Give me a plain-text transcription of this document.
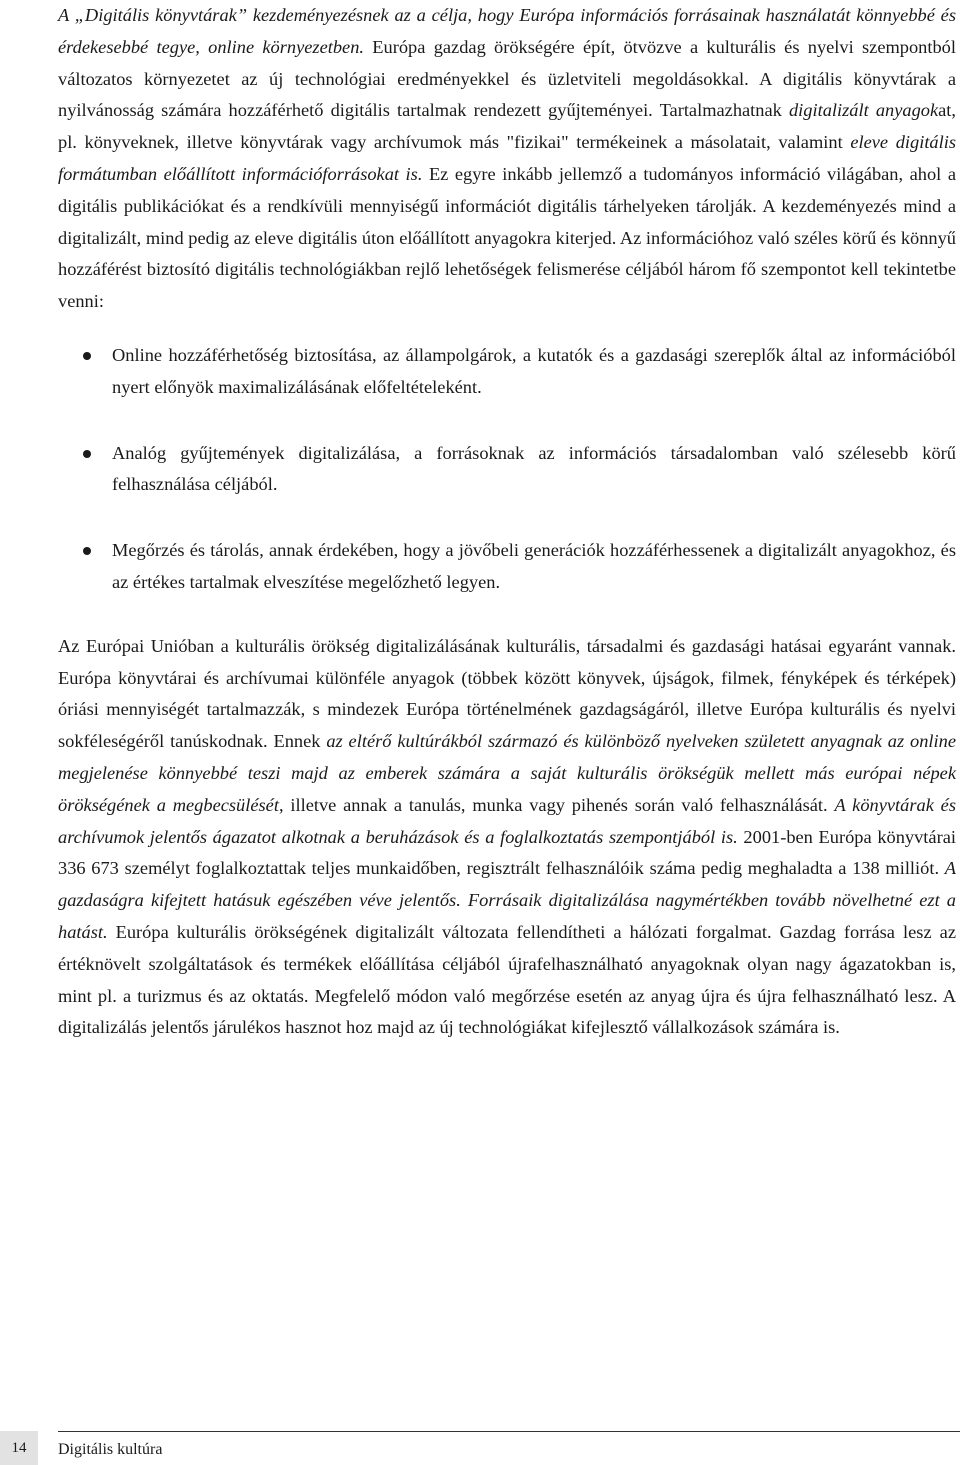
A „Digitális könyvtárak” kezdeményezésnek az a célja, hogy Európa információs forrásainak használatát könnyebbé és érdekesebbé tegye, online környezetben. Európa gazdag örökségére épít, ötvözve a kulturális és nyelvi szempontból változatos környezetet az új technológiai eredményekkel és üzletviteli megoldásokkal. A digitális könyvtárak a nyilvánosság számára hozzáférhető digitális tartalmak rendezett gyűjteményei. Tartalmazhatnak digitalizált anyagokat, pl. könyveknek, illetve könyvtárak vagy archívumok más "fizikai" termékeinek a másolatait, valamint eleve digitális formátumban előállított információforrásokat is. Ez egyre inkább jellemző a tudományos információ világában, ahol a digitális publikációkat és a rendkívüli mennyiségű információt digitális tárhelyeken tárolják. A kezdeményezés mind a digitalizált, mind pedig az eleve digitális úton előállított anyagokra kiterjed. Az információhoz való széles körű és könnyű hozzáférést biztosító digitális technológiákban rejlő lehetőségek felismerése céljából három fő szempontot kell tekintetbe venni:

Online hozzáférhetőség biztosítása, az állampolgárok, a kutatók és a gazdasági szereplők által az információból nyert előnyök maximalizálásának előfeltételeként.
Analóg gyűjtemények digitalizálása, a forrásoknak az információs társadalomban való szélesebb körű felhasználása céljából.
Megőrzés és tárolás, annak érdekében, hogy a jövőbeli generációk hozzáférhessenek a digitalizált anyagokhoz, és az értékes tartalmak elveszítése megelőzhető legyen.

Az Európai Unióban a kulturális örökség digitalizálásának kulturális, társadalmi és gazdasági hatásai egyaránt vannak. Európa könyvtárai és archívumai különféle anyagok (többek között könyvek, újságok, filmek, fényképek és térképek) óriási mennyiségét tartalmazzák, s mindezek Európa történelmének gazdagságáról, illetve Európa kulturális és nyelvi sokféleségéről tanúskodnak. Ennek az eltérő kultúrákból származó és különböző nyelveken született anyagnak az online megjelenése könnyebbé teszi majd az emberek számára a saját kulturális örökségük mellett más európai népek örökségének a megbecsülését, illetve annak a tanulás, munka vagy pihenés során való felhasználását. A könyvtárak és archívumok jelentős ágazatot alkotnak a beruházások és a foglalkoztatás szempontjából is. 2001-ben Európa könyvtárai 336 673 személyt foglalkoztattak teljes munkaidőben, regisztrált felhasználóik száma pedig meghaladta a 138 milliót. A gazdaságra kifejtett hatásuk egészében véve jelentős. Forrásaik digitalizálása nagymértékben tovább növelhetné ezt a hatást. Európa kulturális örökségének digitalizált változata fellendítheti a hálózati forgalmat. Gazdag forrása lesz az értéknövelt szolgáltatások és termékek előállítása céljából újrafelhasználható anyagoknak olyan nagy ágazatokban is, mint pl. a turizmus és az oktatás. Megfelelő módon való megőrzése esetén az anyag újra és újra felhasználható lesz. A digitalizálás jelentős járulékos hasznot hoz majd az új technológiákat kifejlesztő vállalkozások számára is.

14	Digitális kultúra
